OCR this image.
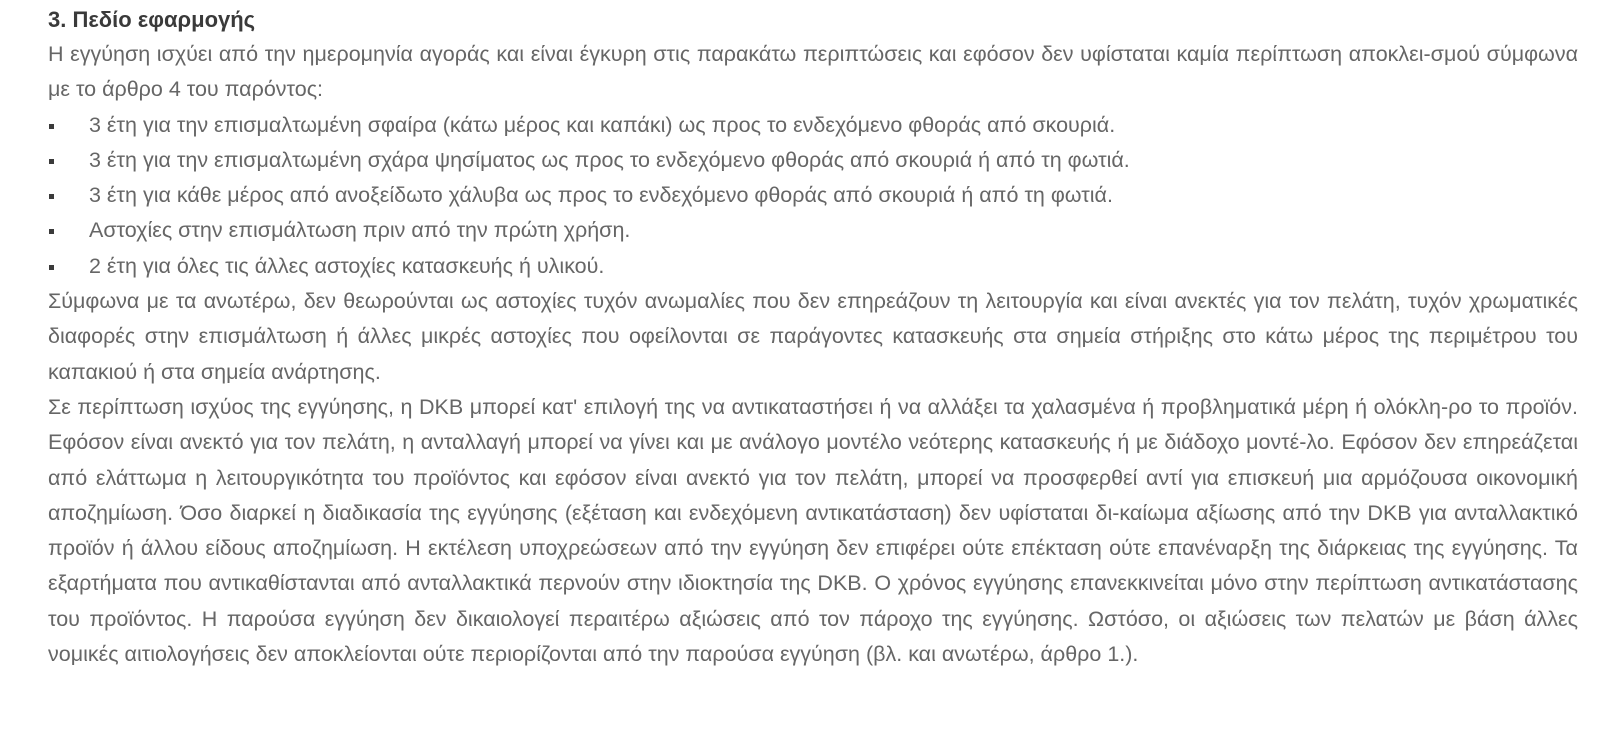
3. Πεδίο εφαρμογής

Η εγγύηση ισχύει από την ημερομηνία αγοράς και είναι έγκυρη στις παρακάτω περιπτώσεις και εφόσον δεν υφίσταται καμία περίπτωση αποκλει-σμού σύμφωνα με το άρθρο 4 του παρόντος:

3 έτη για την επισμαλτωμένη σφαίρα (κάτω μέρος και καπάκι) ως προς το ενδεχόμενο φθοράς από σκουριά.
3 έτη για την επισμαλτωμένη σχάρα ψησίματος ως προς το ενδεχόμενο φθοράς από σκουριά ή από τη φωτιά.
3 έτη για κάθε μέρος από ανοξείδωτο χάλυβα ως προς το ενδεχόμενο φθοράς από σκουριά ή από τη φωτιά.
Αστοχίες στην επισμάλτωση πριν από την πρώτη χρήση.
2 έτη για όλες τις άλλες αστοχίες κατασκευής ή υλικού.

Σύμφωνα με τα ανωτέρω, δεν θεωρούνται ως αστοχίες τυχόν ανωμαλίες που δεν επηρεάζουν τη λειτουργία και είναι ανεκτές για τον πελάτη, τυχόν χρωματικές διαφορές στην επισμάλτωση ή άλλες μικρές αστοχίες που οφείλονται σε παράγοντες κατασκευής στα σημεία στήριξης στο κάτω μέρος της περιμέτρου του καπακιού ή στα σημεία ανάρτησης.

Σε περίπτωση ισχύος της εγγύησης, η DKB μπορεί κατ' επιλογή της να αντικαταστήσει ή να αλλάξει τα χαλασμένα ή προβληματικά μέρη ή ολόκλη-ρο το προϊόν. Εφόσον είναι ανεκτό για τον πελάτη, η ανταλλαγή μπορεί να γίνει και με ανάλογο μοντέλο νεότερης κατασκευής ή με διάδοχο μοντέ-λο. Εφόσον δεν επηρεάζεται από ελάττωμα η λειτουργικότητα του προϊόντος και εφόσον είναι ανεκτό για τον πελάτη, μπορεί να προσφερθεί αντί για επισκευή μια αρμόζουσα οικονομική αποζημίωση. Όσο διαρκεί η διαδικασία της εγγύησης (εξέταση και ενδεχόμενη αντικατάσταση) δεν υφίσταται δι-καίωμα αξίωσης από την DKB για ανταλλακτικό προϊόν ή άλλου είδους αποζημίωση. Η εκτέλεση υποχρεώσεων από την εγγύηση δεν επιφέρει ούτε επέκταση ούτε επανέναρξη της διάρκειας της εγγύησης. Τα εξαρτήματα που αντικαθίστανται από ανταλλακτικά περνούν στην ιδιοκτησία της DKB. Ο χρόνος εγγύησης επανεκκινείται μόνο στην περίπτωση αντικατάστασης του προϊόντος. Η παρούσα εγγύηση δεν δικαιολογεί περαιτέρω αξιώσεις από τον πάροχο της εγγύησης. Ωστόσο, οι αξιώσεις των πελατών με βάση άλλες νομικές αιτιολογήσεις δεν αποκλείονται ούτε περιορίζονται από την παρούσα εγγύηση (βλ. και ανωτέρω, άρθρο 1.).
